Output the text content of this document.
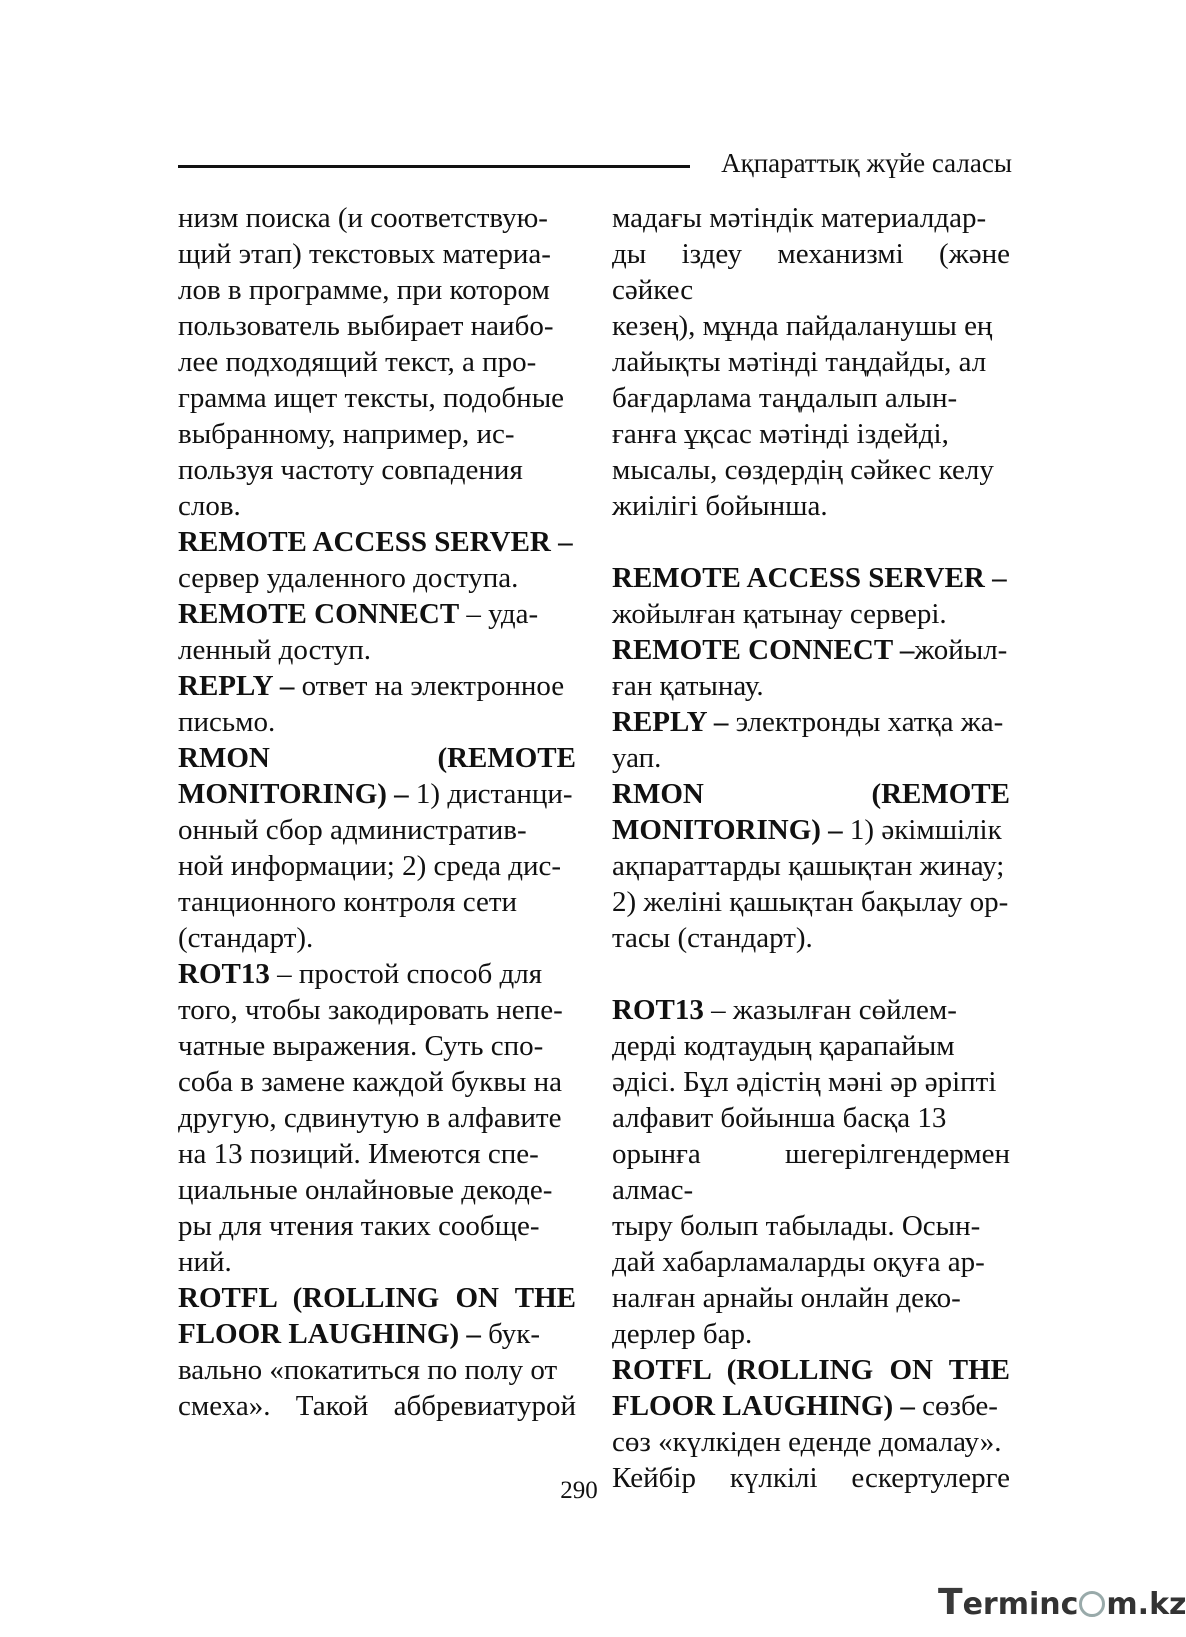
Ақпараттық жүйе саласы

низм поиска (и соответствую-

щий этап) текстовых материа-

лов в программе, при котором

пользователь выбирает наибо-

лее подходящий текст, а про-

грамма ищет тексты, подобные

выбранному, например, ис-

пользуя частоту совпадения

слов.

REMOTE ACCESS SERVER –

сервер удаленного доступа.

REMOTE CONNECT – уда-

ленный доступ.

REPLY – ответ на электронное

письмо.

RMON (REMOTE

MONITORING) – 1) дистанци-

онный сбор административ-

ной информации; 2) среда дис-

танционного контроля сети

(стандарт).

ROT13 – простой способ для

того, чтобы закодировать непе-

чатные выражения. Суть спо-

соба в замене каждой буквы на

другую, сдвинутую в алфавите

на 13 позиций. Имеются спе-

циальные онлайновые декоде-

ры для чтения таких сообще-

ний.

ROTFL (ROLLING ON THE

FLOOR LAUGHING) – бук-

вально «покатиться по полу от

смеха». Такой аббревиатурой

мадағы мәтіндік материалдар-

ды іздеу механизмі (және сәйкес

кезең), мұнда пайдаланушы ең

лайықты мәтінді таңдайды, ал

бағдарлама таңдалып алын-

ғанға ұқсас мәтінді іздейді,

мысалы, сөздердің сәйкес келу

жиілігі бойынша.

REMOTE ACCESS SERVER –

жойылған қатынау сервері.

REMOTE CONNECT –жойыл-

ған қатынау.

REPLY – электронды хатқа жа-

уап.

RMON (REMOTE

MONITORING) – 1) әкімшілік

ақпараттарды қашықтан жинау;

2) желіні қашықтан бақылау ор-

тасы (стандарт).

ROT13 – жазылған сөйлем-

дерді кодтаудың қарапайым

әдісі. Бұл әдістің мәні әр әріпті

алфавит бойынша басқа 13

орынға шегерілгендермен алмас-

тыру болып табылады. Осын-

дай хабарламаларды оқуға ар-

налған арнайы онлайн деко-

дерлер бар.

ROTFL (ROLLING ON THE

FLOOR LAUGHING) – сөзбе-

сөз «күлкіден еденде домалау».

Кейбір күлкілі ескертулерге

290
Terminc m.kz
